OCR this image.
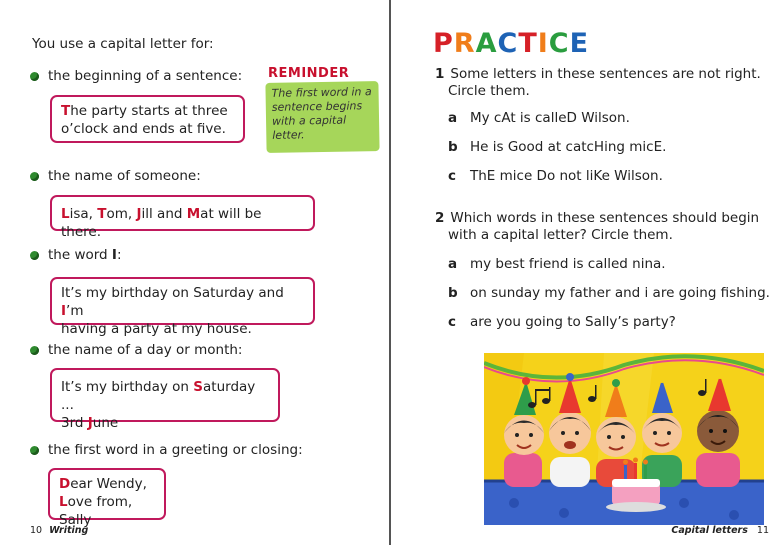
You use a capital letter for:
the beginning of a sentence:
The party starts at three
o’clock and ends at five.
the name of someone:
Lisa, Tom, Jill and Mat will be there.
the word I:
It’s my birthday on Saturday and I’m
having a party at my house.
the name of a day or month:
It’s my birthday on Saturday ...
3rd June
the first word in a greeting or closing:
Dear Wendy,
Love from, Sally
REMINDER
The first word in a sentence begins with a capital letter.
10 Writing
PRACTICE
1 Some letters in these sentences are not right.
Circle them.
a My cAt is calleD Wilson.
b He is Good at catcHing micE.
c	ThE mice Do not liKe Wilson.
2 Which words in these sentences should begin
with a capital letter? Circle them.
a my best friend is called nina.
b on sunday my father and i are going fishing.
c	are you going to Sally’s party?
Capital letters 11
